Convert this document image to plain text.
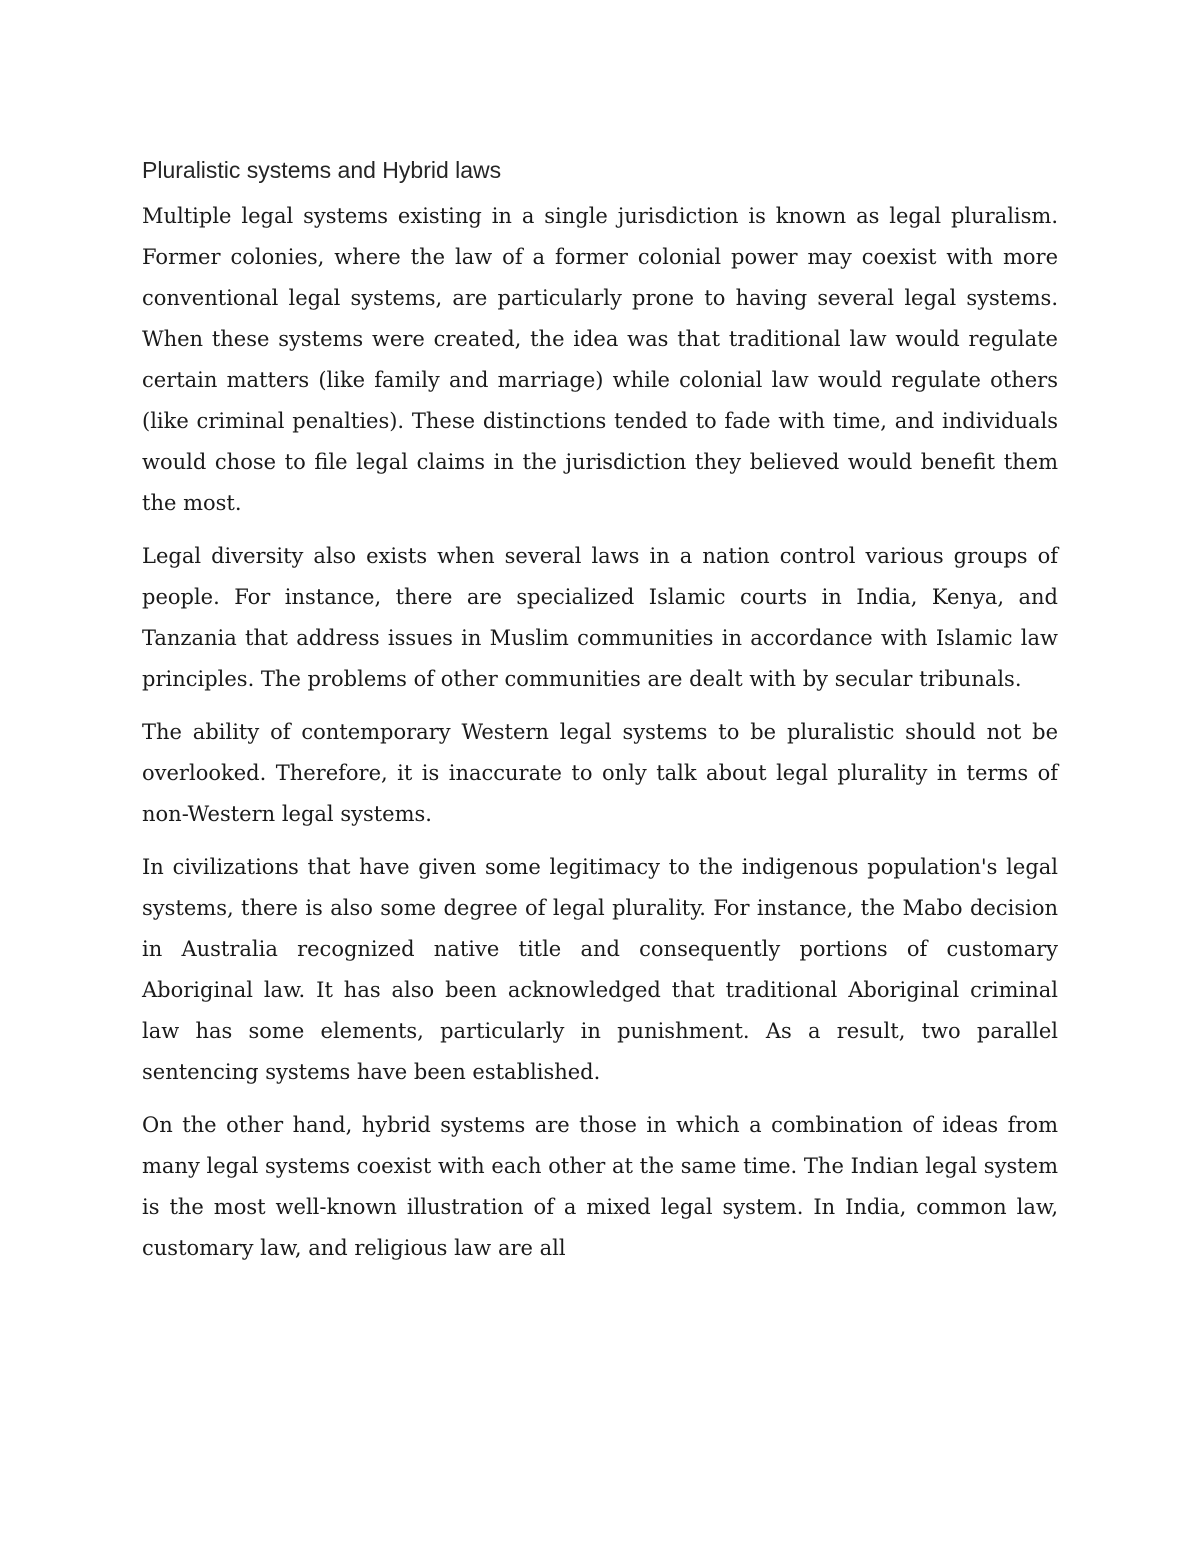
Pluralistic systems and Hybrid laws

Multiple legal systems existing in a single jurisdiction is known as legal pluralism. Former colonies, where the law of a former colonial power may coexist with more conventional legal systems, are particularly prone to having several legal systems. When these systems were created, the idea was that traditional law would regulate certain matters (like family and marriage) while colonial law would regulate others (like criminal penalties). These distinctions tended to fade with time, and individuals would chose to file legal claims in the jurisdiction they believed would benefit them the most.

Legal diversity also exists when several laws in a nation control various groups of people. For instance, there are specialized Islamic courts in India, Kenya, and Tanzania that address issues in Muslim communities in accordance with Islamic law principles. The problems of other communities are dealt with by secular tribunals.

The ability of contemporary Western legal systems to be pluralistic should not be overlooked. Therefore, it is inaccurate to only talk about legal plurality in terms of non-Western legal systems.

In civilizations that have given some legitimacy to the indigenous population's legal systems, there is also some degree of legal plurality. For instance, the Mabo decision in Australia recognized native title and consequently portions of customary Aboriginal law. It has also been acknowledged that traditional Aboriginal criminal law has some elements, particularly in punishment. As a result, two parallel sentencing systems have been established.

On the other hand, hybrid systems are those in which a combination of ideas from many legal systems coexist with each other at the same time. The Indian legal system is the most well-known illustration of a mixed legal system. In India, common law, customary law, and religious law are all
